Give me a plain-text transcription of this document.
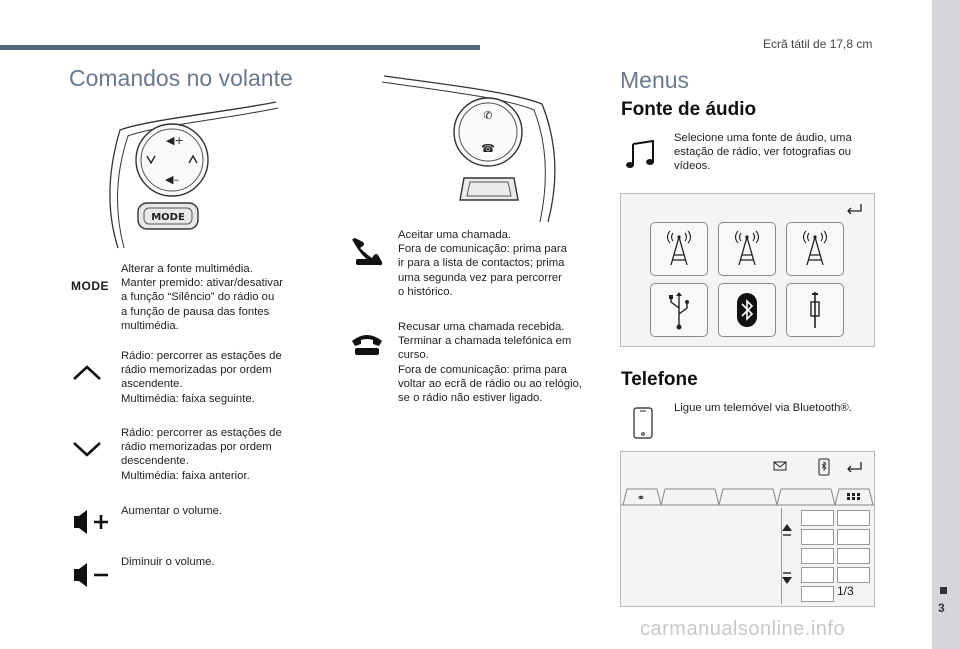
Ecrã tátil de 17,8 cm
3
Comandos no volante
◀+
◀–
MODE
MODE
Alterar a fonte multimédia.
Manter premido: ativar/desativar
a função “Silêncio” do rádio ou
a função de pausa das fontes
multimédia.
Rádio: percorrer as estações de
rádio memorizadas por ordem
ascendente.
Multimédia: faixa seguinte.
Rádio: percorrer as estações de
rádio memorizadas por ordem
descendente.
Multimédia: faixa anterior.
Aumentar o volume.
Diminuir o volume.
✆
☎
Aceitar uma chamada.
Fora de comunicação: prima para
ir para a lista de contactos; prima
uma segunda vez para percorrer
o histórico.
Recusar uma chamada recebida.
Terminar a chamada telefónica em
curso.
Fora de comunicação: prima para
voltar ao ecrã de rádio ou ao relógio,
se o rádio não estiver ligado.
Menus
Fonte de áudio
Selecione uma fonte de áudio, uma
estação de rádio, ver fotografias ou
vídeos.
Telefone
Ligue um telemóvel via Bluetooth®.
⚭
1/3
carmanualsonline.info
